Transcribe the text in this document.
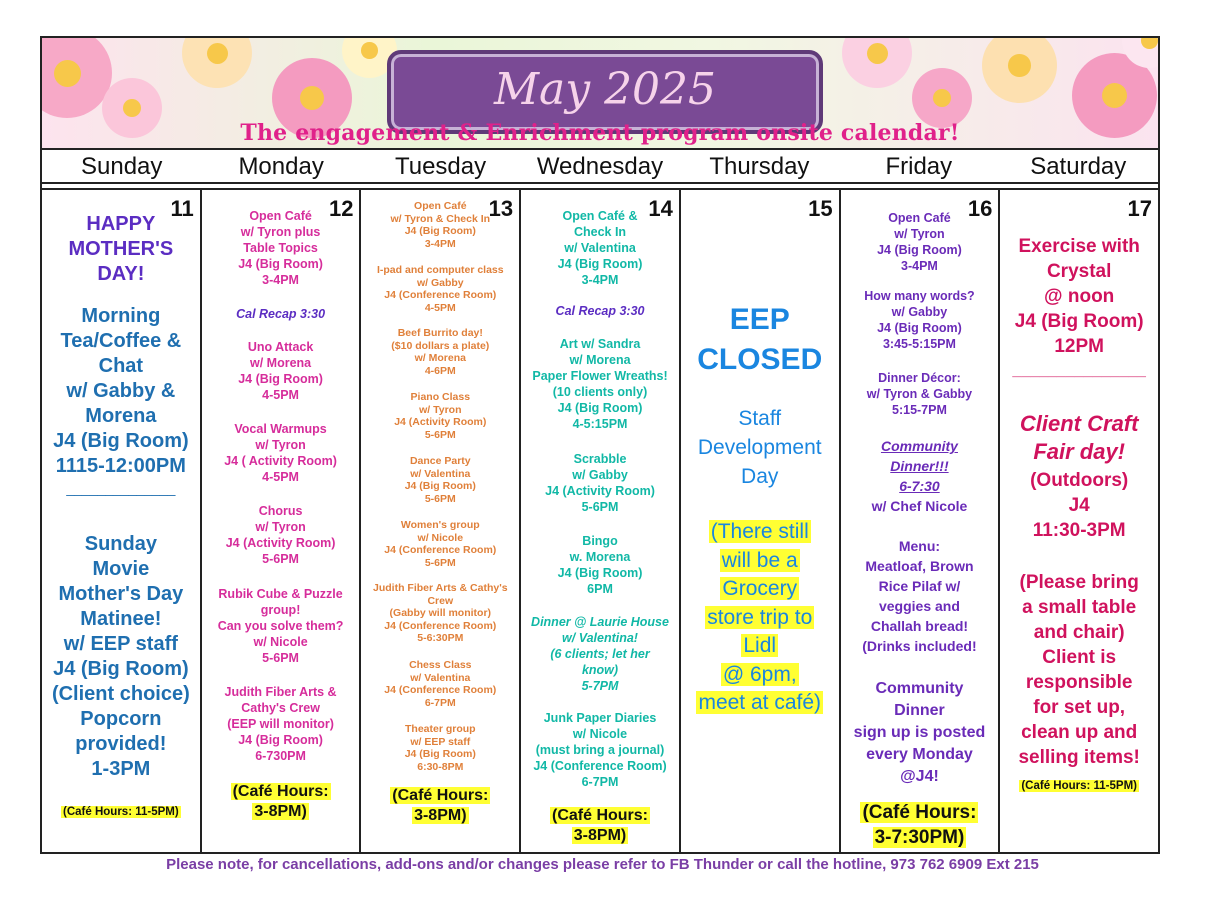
May 2025
The engagement & Enrichment program onsite calendar!
Sunday	Monday	Tuesday	Wednesday	Thursday	Friday	Saturday
11
HAPPY
MOTHER'S
DAY!
Morning
Tea/Coffee &
Chat
w/ Gabby &
Morena
J4 (Big Room)
1115-12:00PM
______________
Sunday
Movie
Mother's Day
Matinee!
w/ EEP staff
J4 (Big Room)
(Client choice)
Popcorn
provided!
1-3PM
(Café Hours: 11-5PM)
12
Open Café
w/ Tyron plus
Table Topics
J4 (Big Room)
3-4PM
Cal Recap 3:30
Uno Attack
w/ Morena
J4 (Big Room)
4-5PM
Vocal Warmups
w/ Tyron
J4 ( Activity Room)
4-5PM
Chorus
w/ Tyron
J4 (Activity Room)
5-6PM
Rubik Cube & Puzzle
group!
Can you solve them?
w/ Nicole
5-6PM
Judith Fiber Arts &
Cathy's Crew
(EEP will monitor)
J4 (Big Room)
6-730PM
(Café Hours:
3-8PM)
13
Open Café
w/ Tyron & Check In
J4 (Big Room)
3-4PM
I-pad and computer class
w/ Gabby
J4 (Conference Room)
4-5PM
Beef Burrito day!
($10 dollars a plate)
w/ Morena
4-6PM
Piano Class
w/ Tyron
J4 (Activity Room)
5-6PM
Dance Party
w/ Valentina
J4 (Big Room)
5-6PM
Women's group
w/ Nicole
J4 (Conference Room)
5-6PM
Judith Fiber Arts & Cathy's
Crew
(Gabby will monitor)
J4 (Conference Room)
5-6:30PM
Chess Class
w/ Valentina
J4 (Conference Room)
6-7PM
Theater group
w/ EEP staff
J4 (Big Room)
6:30-8PM
(Café Hours:
3-8PM)
14
Open Café &
Check In
w/ Valentina
J4 (Big Room)
3-4PM
Cal Recap 3:30
Art w/ Sandra
w/ Morena
Paper Flower Wreaths!
(10 clients only)
J4 (Big Room)
4-5:15PM
Scrabble
w/ Gabby
J4 (Activity Room)
5-6PM
Bingo
w. Morena
J4 (Big Room)
6PM
Dinner @ Laurie House
w/ Valentina!
(6 clients; let her
know)
5-7PM
Junk Paper Diaries
w/ Nicole
(must bring a journal)
J4 (Conference Room)
6-7PM
(Café Hours:
3-8PM)
15
EEP
CLOSED
Staff
Development
Day
(There still
will be a
Grocery
store trip to
Lidl
@ 6pm,
meet at café)
16
Open Café
w/ Tyron
J4 (Big Room)
3-4PM
How many words?
w/ Gabby
J4 (Big Room)
3:45-5:15PM
Dinner Décor:
w/ Tyron & Gabby
5:15-7PM
Community
Dinner!!!
6-7:30
w/ Chef Nicole
Menu:
Meatloaf, Brown
Rice Pilaf w/
veggies and
Challah bread!
(Drinks included!
Community
Dinner
sign up is posted
every Monday
@J4!
(Café Hours:
3-7:30PM)
17
Exercise with
Crystal
@ noon
J4 (Big Room)
12PM
_______________
Client Craft
Fair day!
(Outdoors)
J4
11:30-3PM
(Please bring
a small table
and chair)
Client is
responsible
for set up,
clean up and
selling items!
(Café Hours: 11-5PM)
Please note, for cancellations, add-ons and/or changes please refer to FB Thunder or call the hotline, 973 762 6909 Ext 215
